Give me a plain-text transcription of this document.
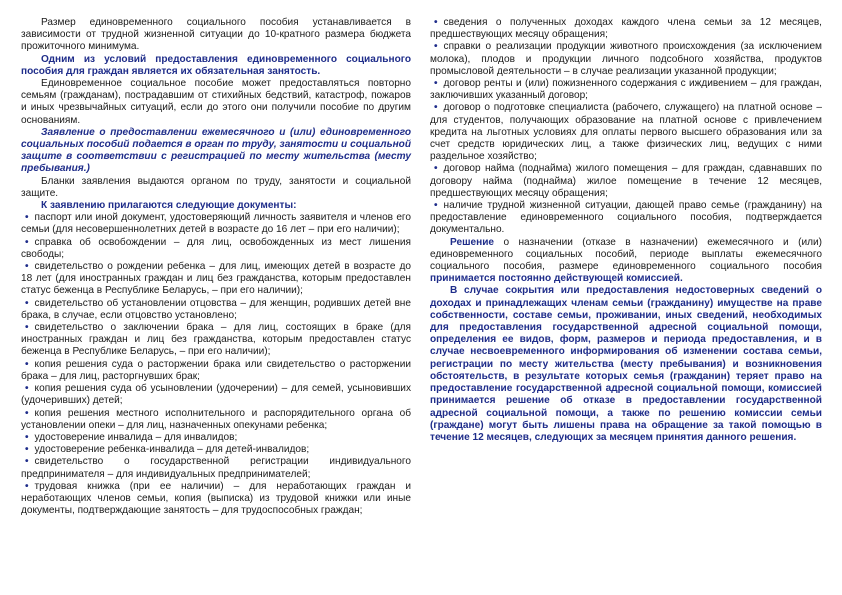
Размер единовременного социального пособия устанавливается в зависимости от трудной жизненной ситуации до 10-кратного размера бюджета прожиточного минимума.

Одним из условий предоставления единовременного социального пособия для граждан является их обязательная занятость.

Единовременное социальное пособие может предоставляться повторно семьям (гражданам), пострадавшим от стихийных бедствий, катастроф, пожаров и иных чрезвычайных ситуаций, если до этого они получили пособие по другим основаниям.

Заявление о предоставлении ежемесячного и (или) единовременного социальных пособий подается в орган по труду, занятости и социальной защите в соответствии с регистрацией по месту жительства (месту пребывания.)

Бланки заявления выдаются органом по труду, занятости и социальной защите.

К заявлению прилагаются следующие документы:

• паспорт или иной документ, удостоверяющий личность заявителя и членов его семьи (для несовершеннолетних детей в возрасте до 16 лет – при его наличии);

• справка об освобождении – для лиц, освобожденных из мест лишения свободы;

• свидетельство о рождении ребенка – для лиц, имеющих детей в возрасте до 18 лет (для иностранных граждан и лиц без гражданства, которым предоставлен статус беженца в Республике Беларусь, – при его наличии);

• свидетельство об установлении отцовства – для женщин, родивших детей вне брака, в случае, если отцовство установлено;

• свидетельство о заключении брака – для лиц, состоящих в браке (для иностранных граждан и лиц без гражданства, которым предоставлен статус беженца в Республике Беларусь, – при его наличии);

• копия решения суда о расторжении брака или свидетельство о расторжении брака – для лиц, расторгнувших брак;

• копия решения суда об усыновлении (удочерении) – для семей, усыновивших (удочеривших) детей;

• копия решения местного исполнительного и распорядительного органа об установлении опеки – для лиц, назначенных опекунами ребенка;

• удостоверение инвалида – для инвалидов;

• удостоверение ребенка-инвалида – для детей-инвалидов;

• свидетельство о государственной регистрации индивидуального предпринимателя – для индивидуальных предпринимателей;

• трудовая книжка (при ее наличии) – для неработающих граждан и неработающих членов семьи, копия (выписка) из трудовой книжки или иные документы, подтверждающие занятость – для трудоспособных граждан;

• сведения о полученных доходах каждого члена семьи за 12 месяцев, предшествующих месяцу обращения;

• справки о реализации продукции животного происхождения (за исключением молока), плодов и продукции личного подсобного хозяйства, продуктов промысловой деятельности – в случае реализации указанной продукции;

• договор ренты и (или) пожизненного содержания с иждивением – для граждан, заключивших указанный договор;

• договор о подготовке специалиста (рабочего, служащего) на платной основе – для студентов, получающих образование на платной основе с привлечением кредита на льготных условиях для оплаты первого высшего образования или за счет средств юридических лиц, а также физических лиц, ведущих с ними раздельное хозяйство;

• договор найма (поднайма) жилого помещения – для граждан, сдавнавших по договору найма (поднайма) жилое помещение в течение 12 месяцев, предшествующих месяцу обращения;

• наличие трудной жизненной ситуации, дающей право семье (гражданину) на предоставление единовременного социального пособия, подтверждается документально.

Решение о назначении (отказе в назначении) ежемесячного и (или) единовременного социальных пособий, периоде выплаты ежемесячного социального пособия, размере единовременного социального пособия принимается постоянно действующей комиссией.

В случае сокрытия или предоставления недостоверных сведений о доходах и принадлежащих членам семьи (гражданину) имуществе на праве собственности, составе семьи, проживании, иных сведений, необходимых для предоставления государственной адресной социальной помощи, определения ее видов, форм, размеров и периода предоставления, и в случае несвоевременного информирования об изменении состава семьи, регистрации по месту жительства (месту пребывания) и возникновения обстоятельств, в результате которых семья (гражданин) теряет право на предоставление государственной адресной социальной помощи, комиссией принимается решение об отказе в предоставлении государственной адресной социальной помощи, а также по решению комиссии семьи (граждане) могут быть лишены права на обращение за такой помощью в течение 12 месяцев, следующих за месяцем принятия данного решения.
